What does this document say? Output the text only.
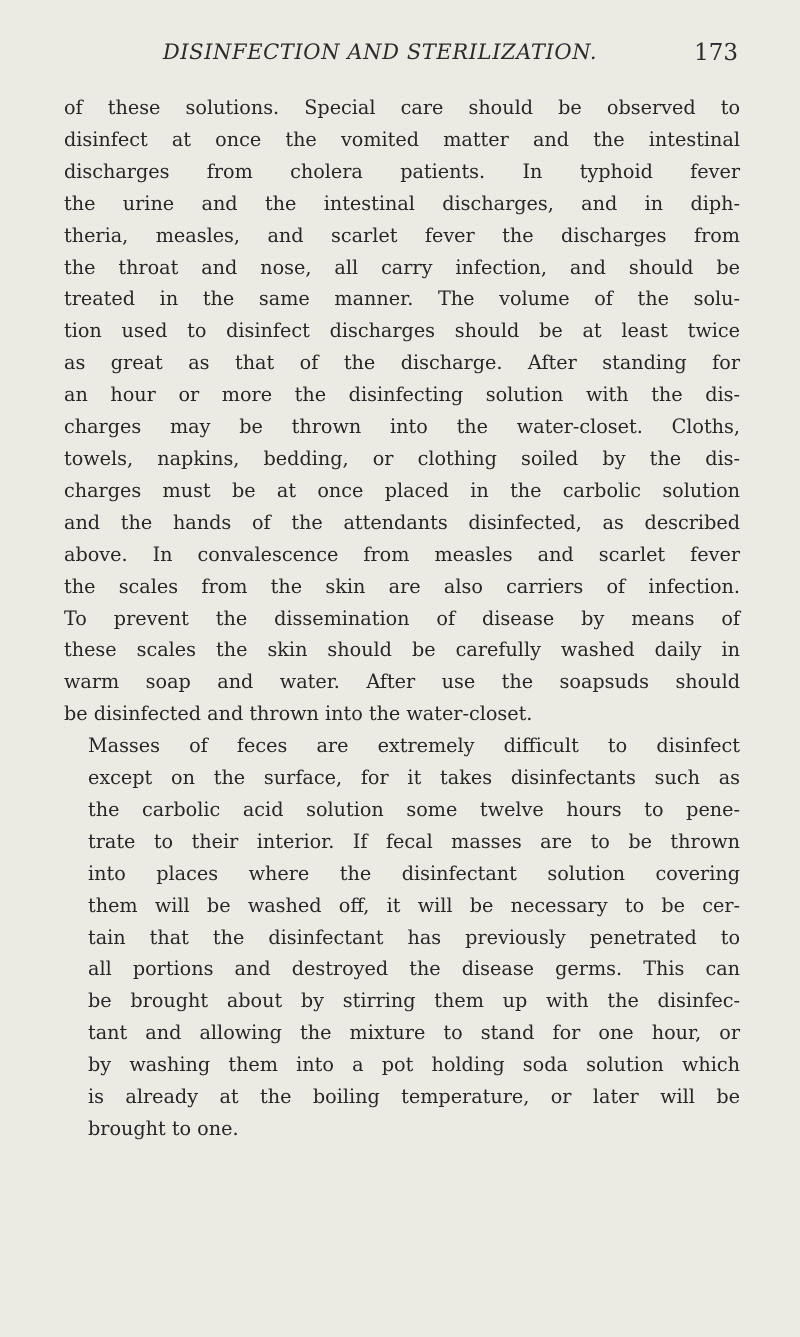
DISINFECTION AND STERILIZATION.	173

of these solutions. Special care should be observed to
disinfect at once the vomited matter and the intestinal
discharges from cholera patients. In typhoid fever
the urine and the intestinal discharges, and in diph-
theria, measles, and scarlet fever the discharges from
the throat and nose, all carry infection, and should be
treated in the same manner. The volume of the solu-
tion used to disinfect discharges should be at least twice
as great as that of the discharge. After standing for
an hour or more the disinfecting solution with the dis-
charges may be thrown into the water-closet. Cloths,
towels, napkins, bedding, or clothing soiled by the dis-
charges must be at once placed in the carbolic solution
and the hands of the attendants disinfected, as described
above. In convalescence from measles and scarlet fever
the scales from the skin are also carriers of infection.
To prevent the dissemination of disease by means of
these scales the skin should be carefully washed daily in
warm soap and water. After use the soapsuds should
be disinfected and thrown into the water-closet.

Masses of feces are extremely difficult to disinfect
except on the surface, for it takes disinfectants such as
the carbolic acid solution some twelve hours to pene-
trate to their interior. If fecal masses are to be thrown
into places where the disinfectant solution covering
them will be washed off, it will be necessary to be cer-
tain that the disinfectant has previously penetrated to
all portions and destroyed the disease germs. This can
be brought about by stirring them up with the disinfec-
tant and allowing the mixture to stand for one hour, or
by washing them into a pot holding soda solution which
is already at the boiling temperature, or later will be
brought to one.
